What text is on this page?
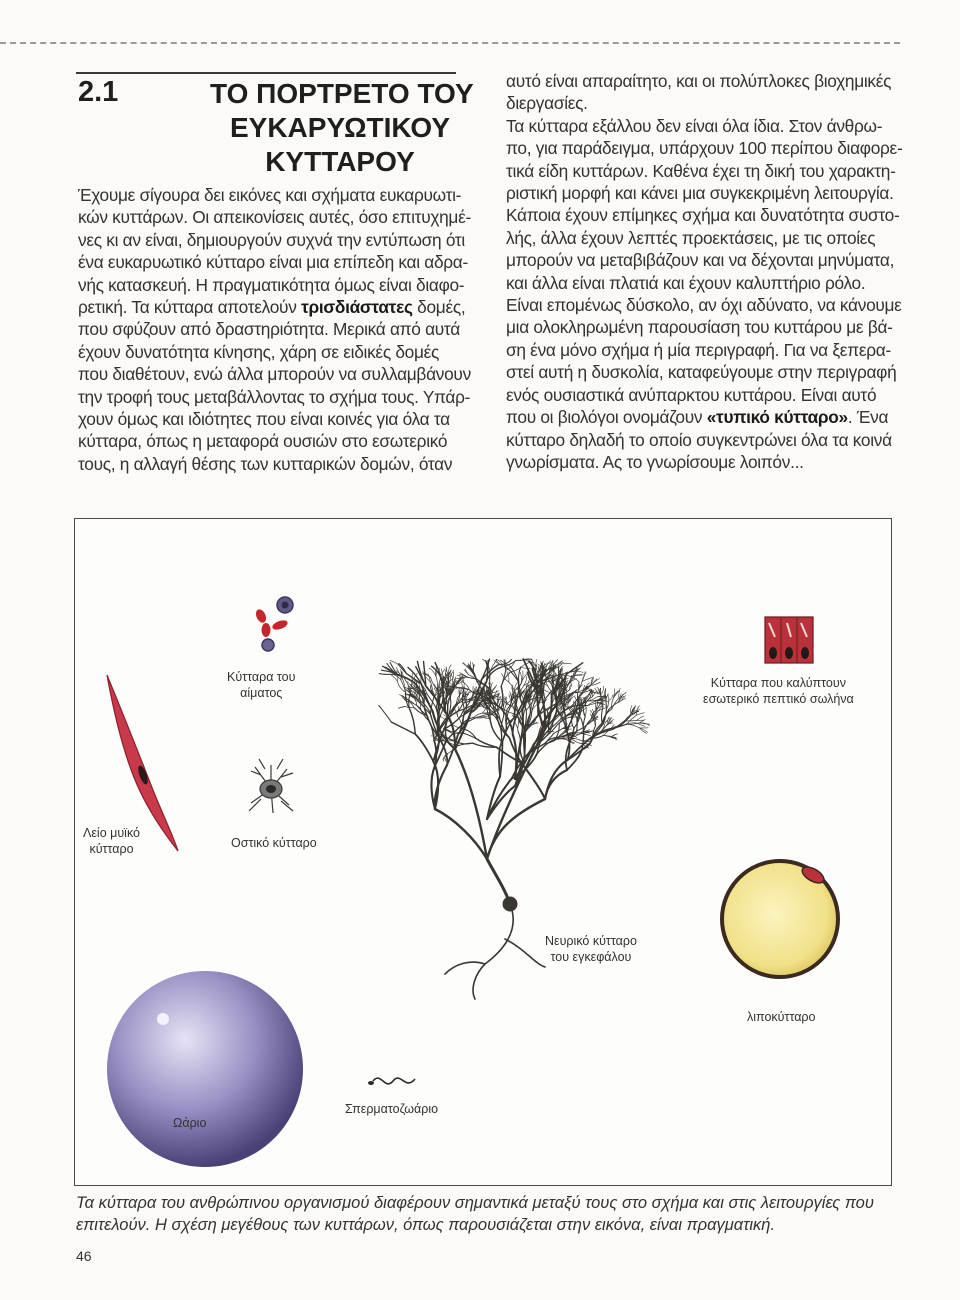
2.1	ΤΟ ΠΟΡΤΡΕΤΟ ΤΟΥ
ΕΥΚΑΡΥΩΤΙΚΟΥ
ΚΥΤΤΑΡΟΥ
Έχουμε σίγουρα δει εικόνες και σχήματα ευκαρυωτι-
κών κυττάρων. Οι απεικονίσεις αυτές, όσο επιτυχημέ-
νες κι αν είναι, δημιουργούν συχνά την εντύπωση ότι
ένα ευκαρυωτικό κύτταρο είναι μια επίπεδη και αδρα-
νής κατασκευή. Η πραγματικότητα όμως είναι διαφο-
ρετική. Τα κύτταρα αποτελούν τρισδιάστατες δομές,
που σφύζουν από δραστηριότητα. Μερικά από αυτά
έχουν δυνατότητα κίνησης, χάρη σε ειδικές δομές
που διαθέτουν, ενώ άλλα μπορούν να συλλαμβάνουν
την τροφή τους μεταβάλλοντας το σχήμα τους. Υπάρ-
χουν όμως και ιδιότητες που είναι κοινές για όλα τα
κύτταρα, όπως η μεταφορά ουσιών στο εσωτερικό
τους, η αλλαγή θέσης των κυτταρικών δομών, όταν
αυτό είναι απαραίτητο, και οι πολύπλοκες βιοχημικές
διεργασίες.
Τα κύτταρα εξάλλου δεν είναι όλα ίδια. Στον άνθρω-
πο, για παράδειγμα, υπάρχουν 100 περίπου διαφορε-
τικά είδη κυττάρων. Καθένα έχει τη δική του χαρακτη-
ριστική μορφή και κάνει μια συγκεκριμένη λειτουργία.
Κάποια έχουν επίμηκες σχήμα και δυνατότητα συστο-
λής, άλλα έχουν λεπτές προεκτάσεις, με τις οποίες
μπορούν να μεταβιβάζουν και να δέχονται μηνύματα,
και άλλα είναι πλατιά και έχουν καλυπτήριο ρόλο.
Είναι επομένως δύσκολο, αν όχι αδύνατο, να κάνουμε
μια ολοκληρωμένη παρουσίαση του κυττάρου με βά-
ση ένα μόνο σχήμα ή μία περιγραφή. Για να ξεπερα-
στεί αυτή η δυσκολία, καταφεύγουμε στην περιγραφή
ενός ουσιαστικά ανύπαρκτου κυττάρου. Είναι αυτό
που οι βιολόγοι ονομάζουν «τυπικό κύτταρο». Ένα
κύτταρο δηλαδή το οποίο συγκεντρώνει όλα τα κοινά
γνωρίσματα. Ας το γνωρίσουμε λοιπόν...
Κύτταρα του
αίματος
Κύτταρα που καλύπτουν
εσωτερικό πεπτικό σωλήνα
Λείο μυϊκό
κύτταρο	Οστικό κύτταρο
Νευρικό κύτταρο
του εγκεφάλου
λιποκύτταρο
Σπερματοζωάριο
Ωάριο
Τα κύτταρα του ανθρώπινου οργανισμού διαφέρουν σημαντικά μεταξύ τους στο σχήμα και στις λειτουργίες που
επιτελούν. Η σχέση μεγέθους των κυττάρων, όπως παρουσιάζεται στην εικόνα, είναι πραγματική.
46
